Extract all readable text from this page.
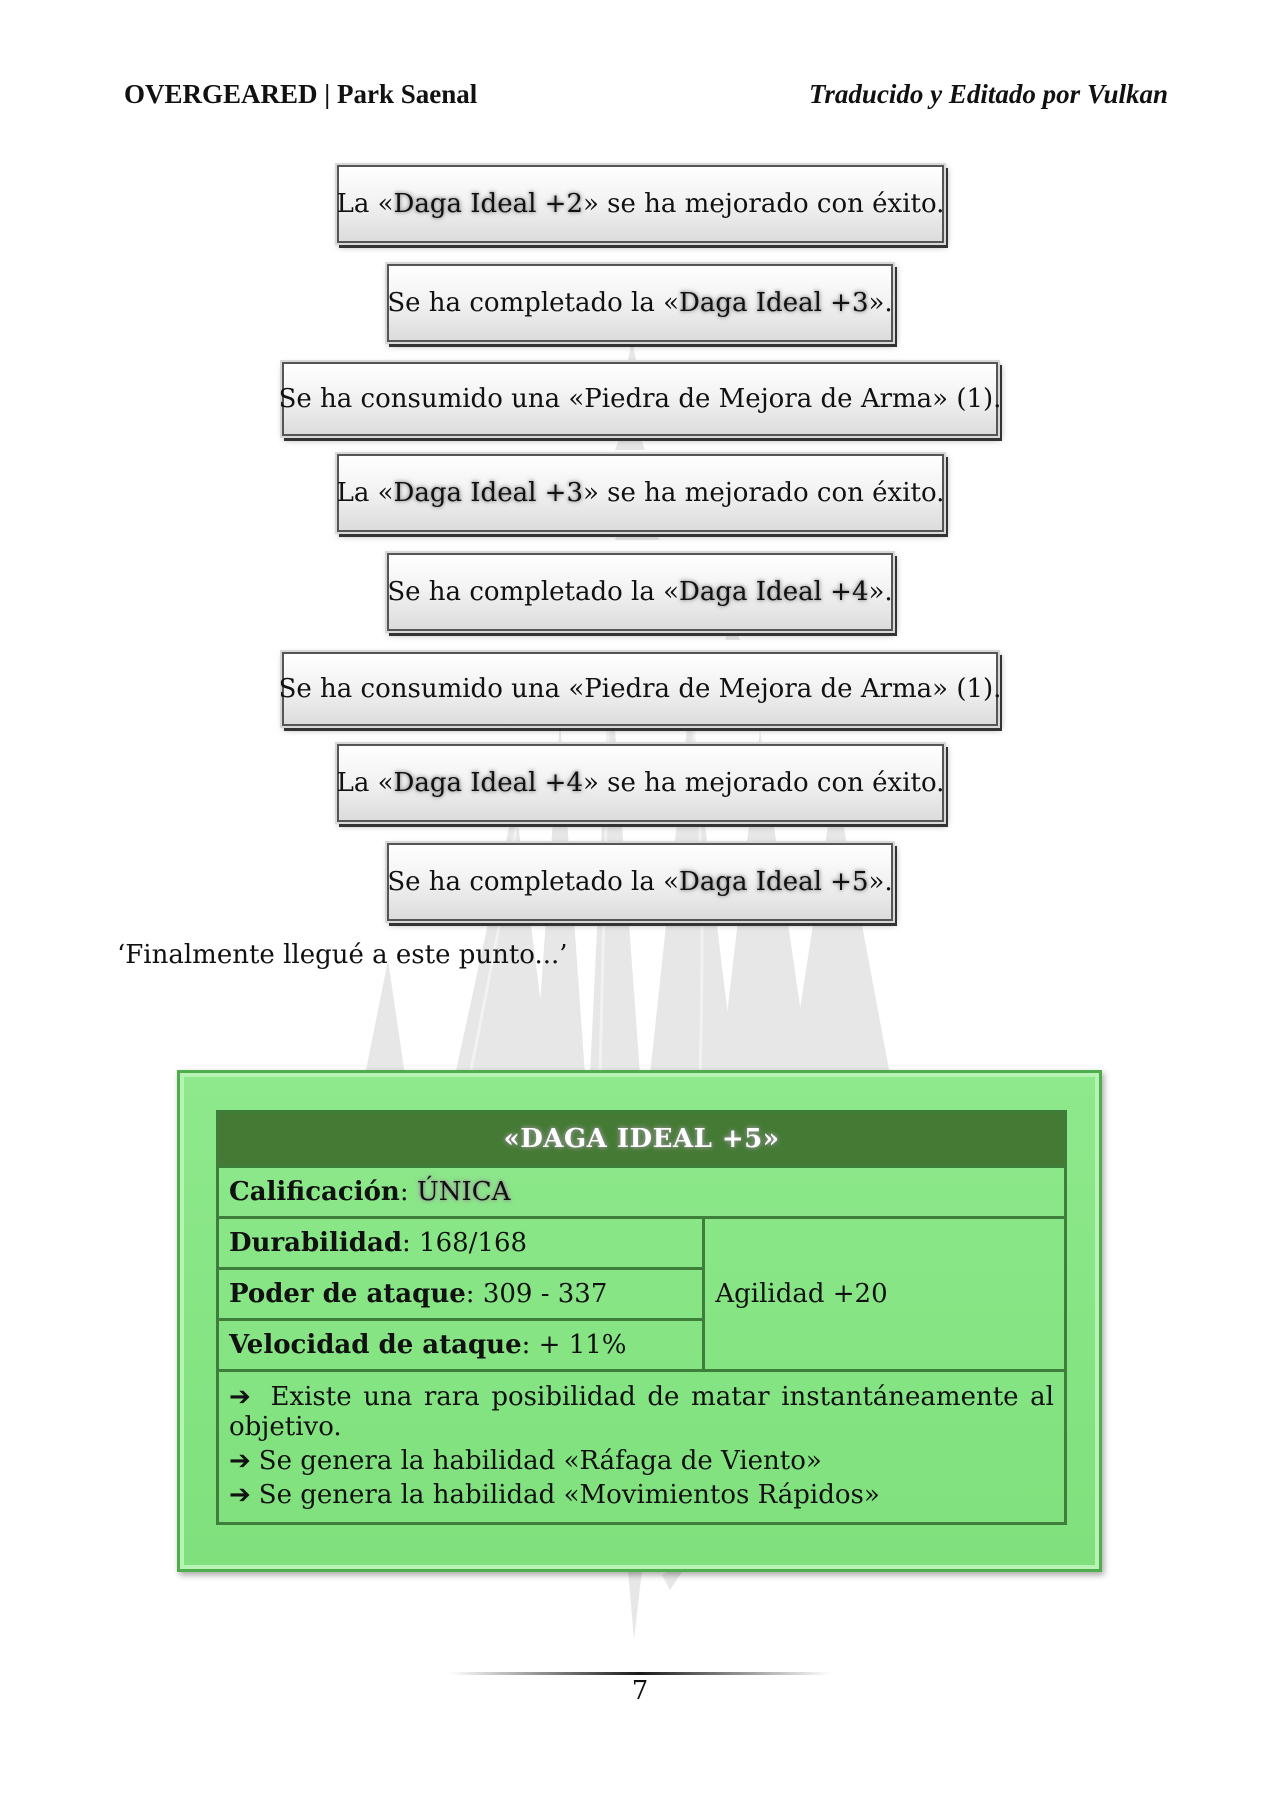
OVERGEARED | Park Saenal	Traducido y Editado por Vulkan
La « Daga Ideal +2 » se ha mejorado con éxito.
Se ha completado la « Daga Ideal +3 ».
Se ha consumido una «Piedra de Mejora de Arma» (1).
La « Daga Ideal +3 » se ha mejorado con éxito.
Se ha completado la « Daga Ideal +4 ».
Se ha consumido una «Piedra de Mejora de Arma» (1).
La « Daga Ideal +4 » se ha mejorado con éxito.
Se ha completado la « Daga Ideal +5 ».
‘Finalmente llegué a este punto...’
«DAGA IDEAL +5»
Calificación: ÚNICA
Durabilidad: 168/168	Agilidad +20
Poder de ataque: 309 - 337
Velocidad de ataque: + 11%

➔ Existe una rara posibilidad de matar instantáneamente al
objetivo.
➔ Se genera la habilidad «Ráfaga de Viento»
➔ Se genera la habilidad «Movimientos Rápidos»
7
